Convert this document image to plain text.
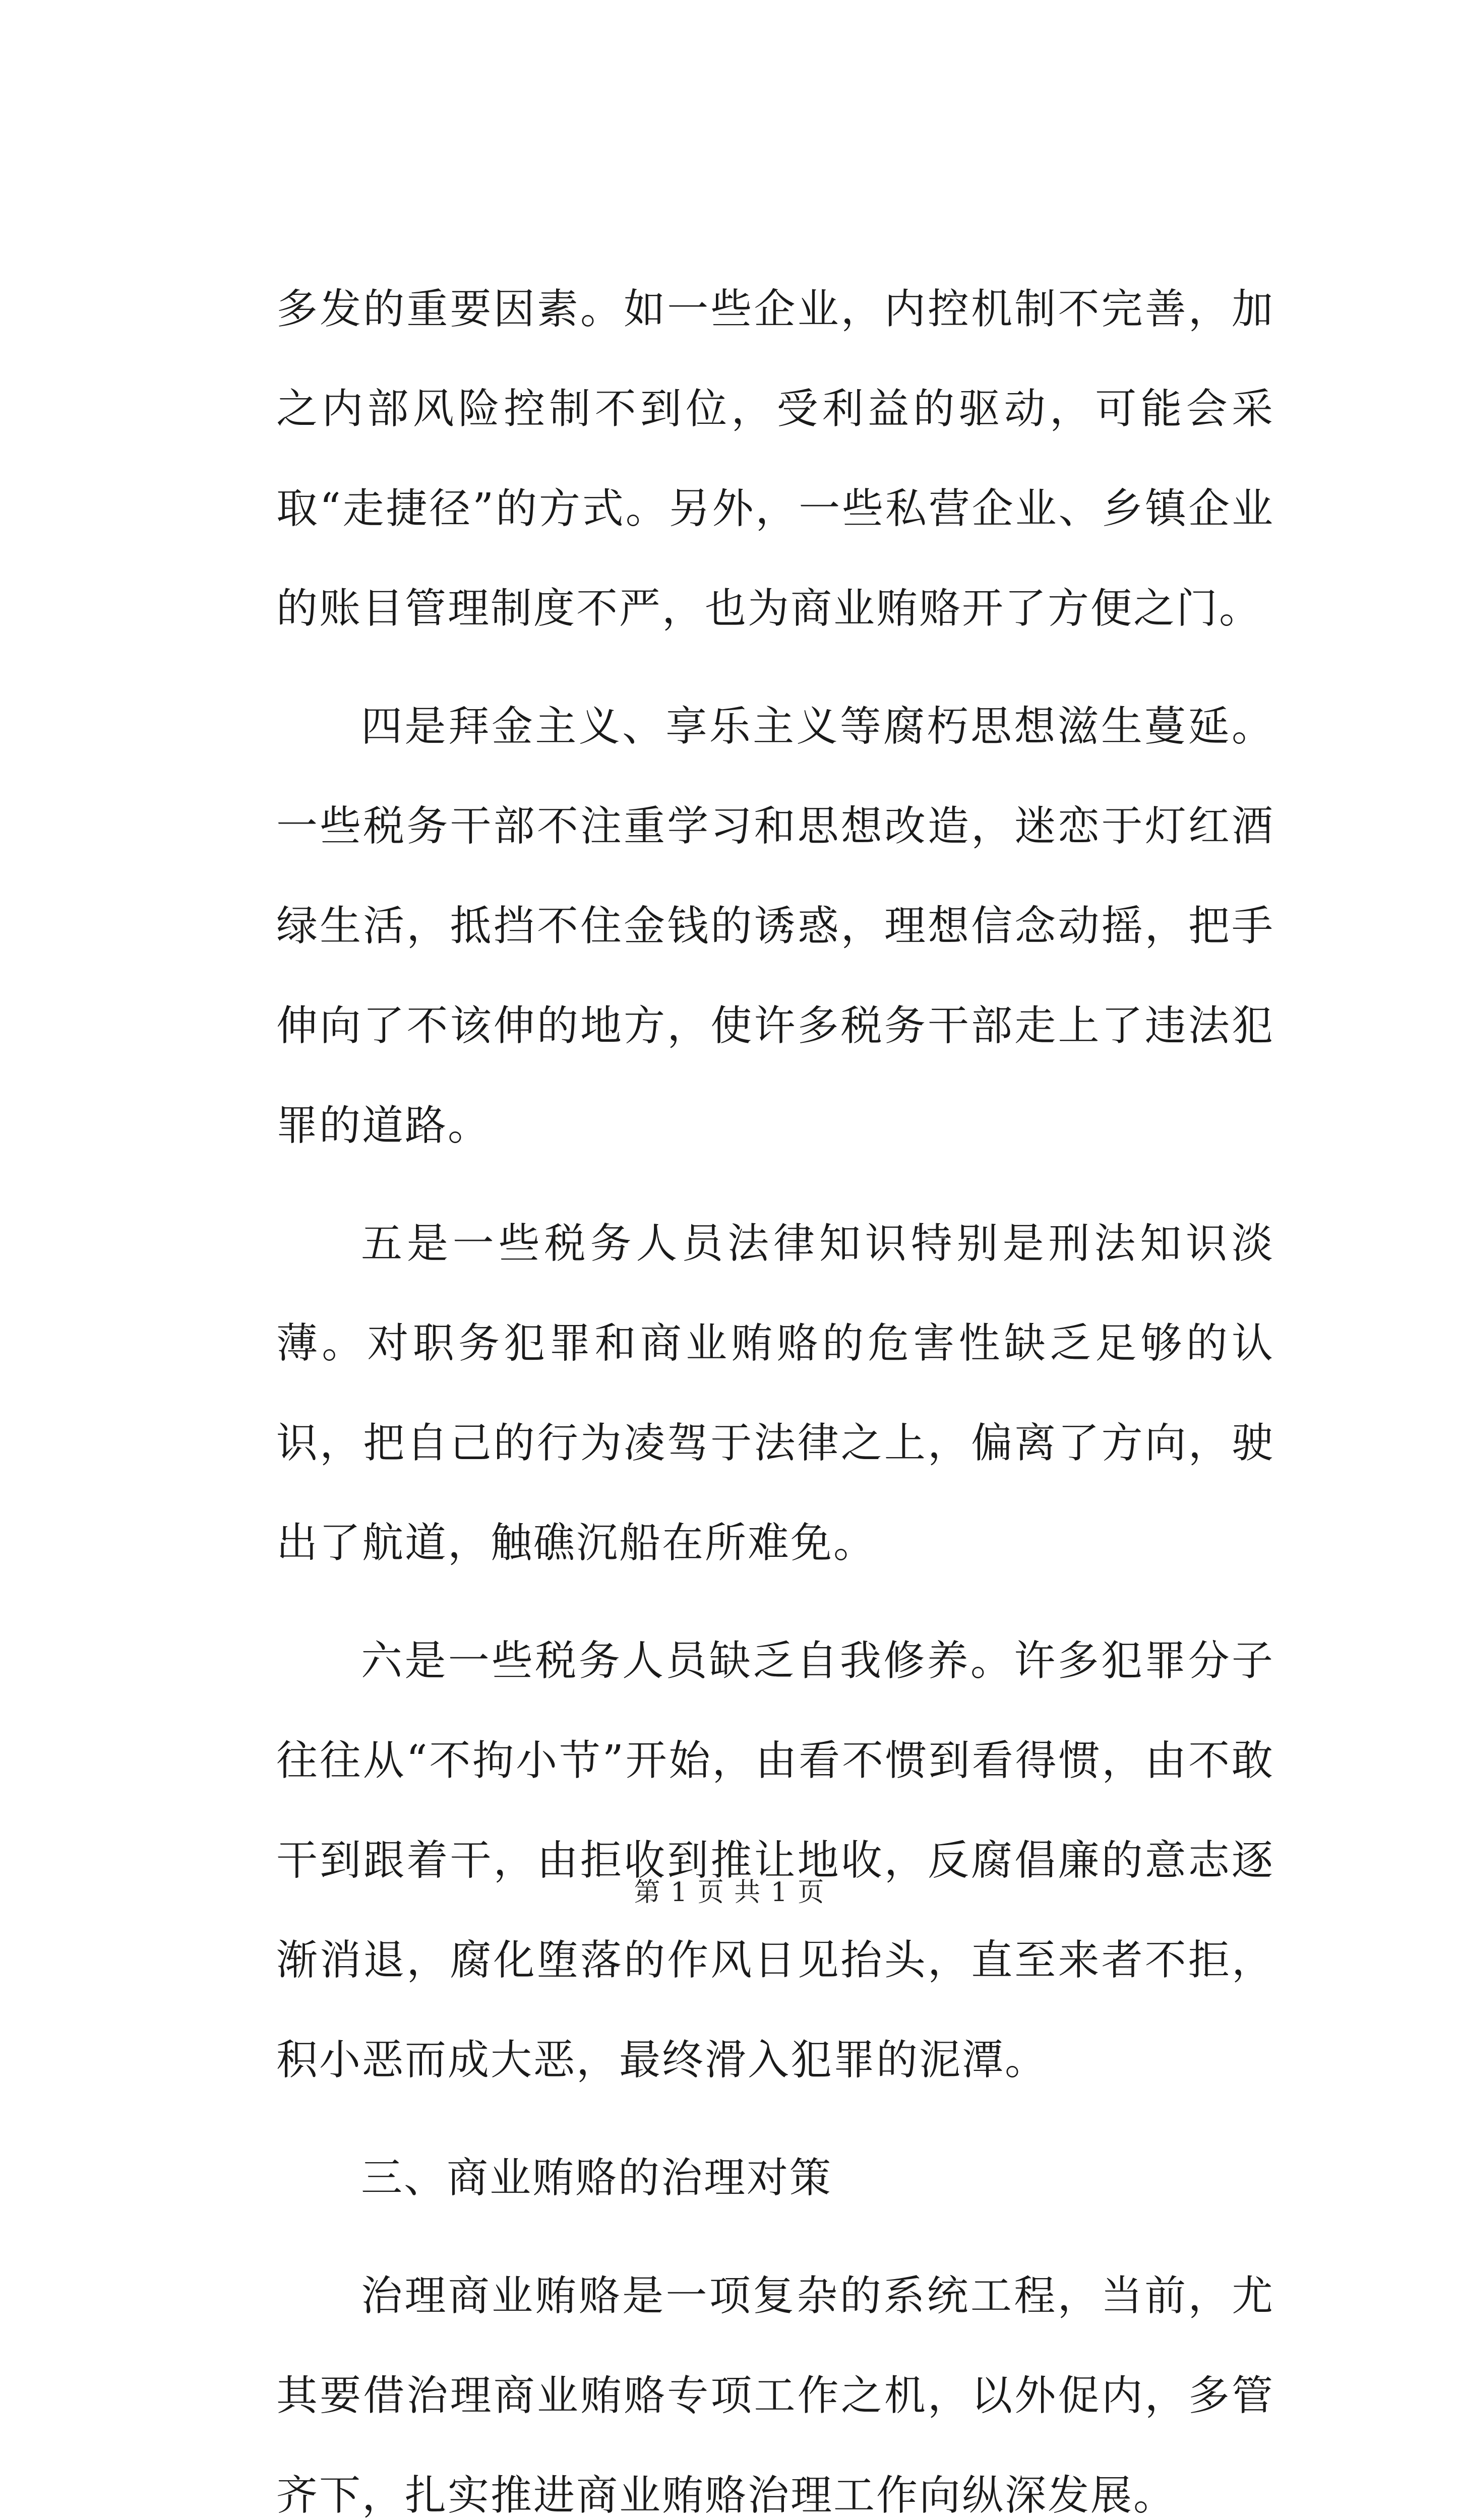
多发的重要因素。如一些企业，内控机制不完善，加之内部风险控制不到位，受利益的驱动，可能会采取“走捷径”的方式。另外，一些私营企业、乡镇企业的账目管理制度不严，也为商业贿赂开了方便之门。

四是拜金主义、享乐主义等腐朽思想滋生蔓延。一些税务干部不注重学习和思想改造，迷恋于灯红酒绿生活，抵挡不住金钱的诱惑，理想信念动摇，把手伸向了不该伸的地方，使许多税务干部走上了违法犯罪的道路。

五是一些税务人员法律知识特别是刑法知识淡薄。对职务犯罪和商业贿赂的危害性缺乏足够的认识，把自己的行为凌驾于法律之上，偏离了方向，驶出了航道，触礁沉船在所难免。

六是一些税务人员缺乏自我修养。许多犯罪分子往往从“不拘小节”开始，由看不惯到看得惯，由不敢干到跟着干，由拒收到推让地收，反腐倡廉的意志逐渐消退，腐化堕落的作风日见抬头，直至来者不拒，积小恶而成大恶，最终滑入犯罪的泥潭。

三、商业贿赂的治理对策

治理商业贿赂是一项复杂的系统工程，当前，尤其要借治理商业贿赂专项工作之机，以外促内，多管齐下，扎实推进商业贿赂治理工作向纵深发展。

第 1 页 共 1 页
